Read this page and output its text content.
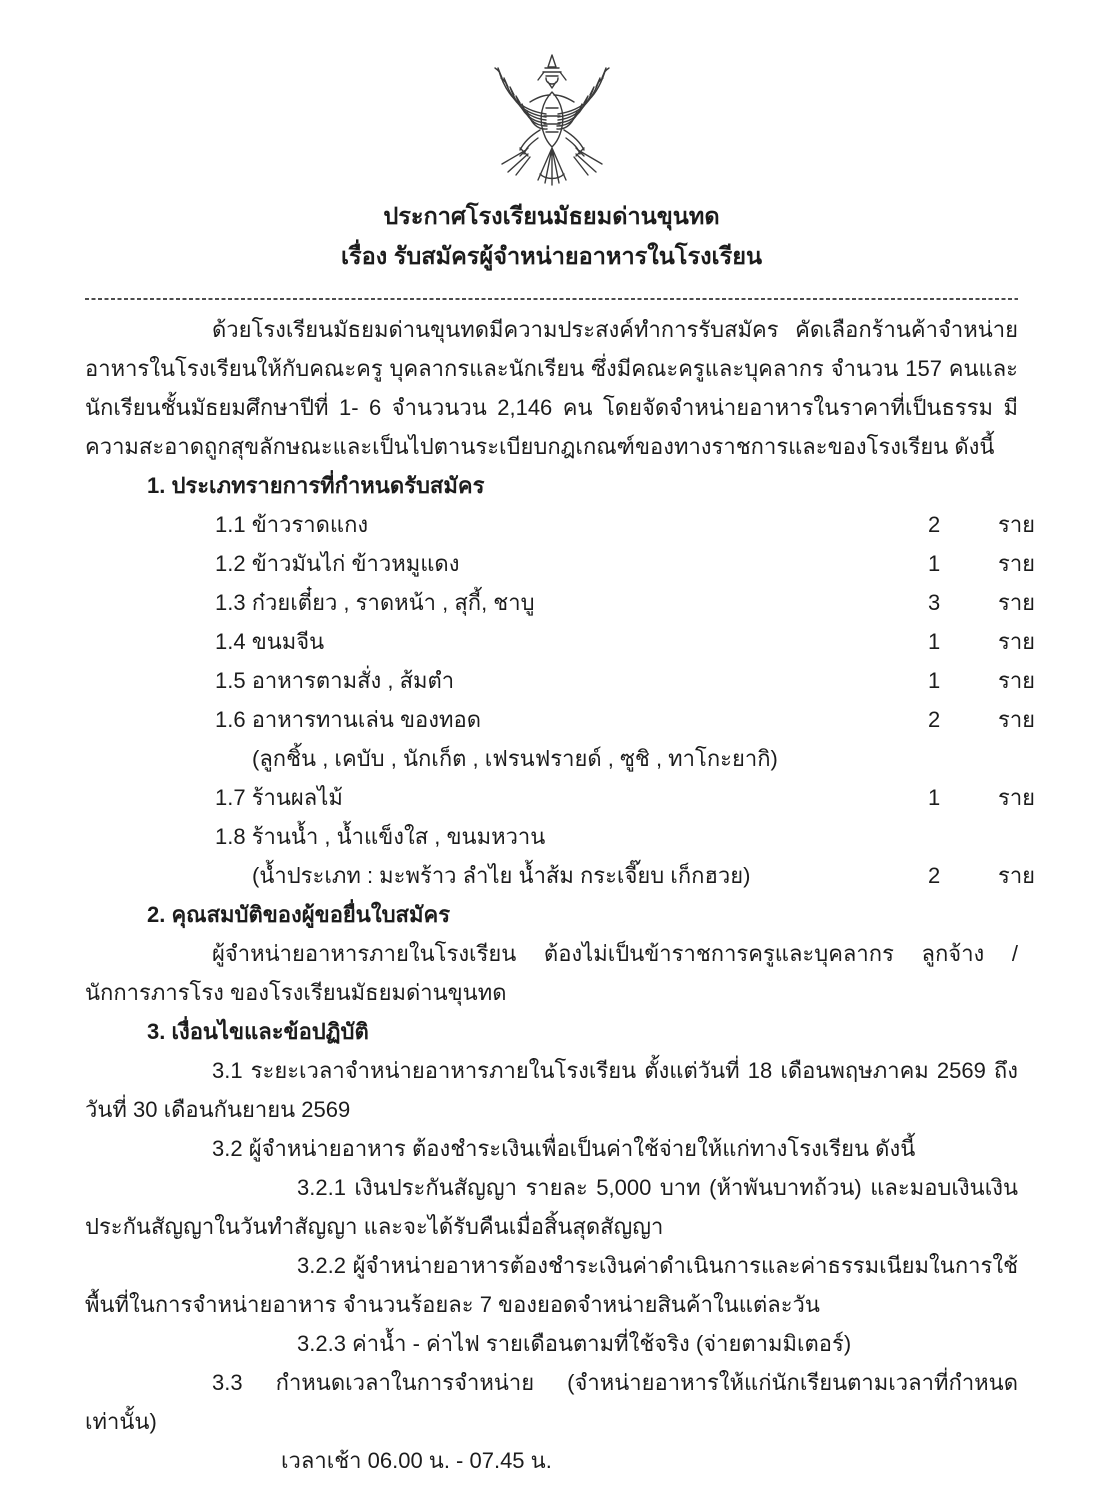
ประกาศโรงเรียนมัธยมด่านขุนทด
เรื่อง รับสมัครผู้จำหน่ายอาหารในโรงเรียน

ด้วยโรงเรียนมัธยมด่านขุนทดมีความประสงค์ทำการรับสมัคร คัดเลือกร้านค้าจำหน่ายอาหารในโรงเรียนให้กับคณะครู บุคลากรและนักเรียน ซึ่งมีคณะครูและบุคลากร จำนวน 157 คนและนักเรียนชั้นมัธยมศึกษาปีที่ 1- 6 จำนวนวน 2,146 คน โดยจัดจำหน่ายอาหารในราคาที่เป็นธรรม มีความสะอาดถูกสุขลักษณะและเป็นไปตานระเบียบกฎเกณฑ์ของทางราชการและของโรงเรียน ดังนี้

1. ประเภทรายการที่กำหนดรับสมัคร

1.1 ข้าวราดแกง	2	ราย
1.2 ข้าวมันไก่ ข้าวหมูแดง	1	ราย
1.3 ก๋วยเตี๋ยว , ราดหน้า , สุกี้, ชาบู	3	ราย
1.4 ขนมจีน	1	ราย
1.5 อาหารตามสั่ง , ส้มตำ	1	ราย
1.6 อาหารทานเล่น ของทอด	2	ราย
(ลูกชิ้น , เคบับ , นักเก็ต , เฟรนฟรายด์ , ซูชิ , ทาโกะยากิ)
1.7 ร้านผลไม้	1	ราย
1.8 ร้านน้ำ , น้ำแข็งใส , ขนมหวาน
(น้ำประเภท : มะพร้าว ลำไย น้ำส้ม กระเจี๊ยบ เก็กฮวย)	2	ราย

2. คุณสมบัติของผู้ขอยื่นใบสมัคร

ผู้จำหน่ายอาหารภายในโรงเรียน ต้องไม่เป็นข้าราชการครูและบุคลากร ลูกจ้าง / นักการภารโรง ของโรงเรียนมัธยมด่านขุนทด

3. เงื่อนไขและข้อปฏิบัติ

3.1 ระยะเวลาจำหน่ายอาหารภายในโรงเรียน ตั้งแต่วันที่ 18 เดือนพฤษภาคม 2569 ถึง วันที่ 30 เดือนกันยายน 2569

3.2 ผู้จำหน่ายอาหาร ต้องชำระเงินเพื่อเป็นค่าใช้จ่ายให้แก่ทางโรงเรียน ดังนี้

3.2.1 เงินประกันสัญญา รายละ 5,000 บาท (ห้าพันบาทถ้วน) และมอบเงินเงินประกันสัญญาในวันทำสัญญา และจะได้รับคืนเมื่อสิ้นสุดสัญญา

3.2.2 ผู้จำหน่ายอาหารต้องชำระเงินค่าดำเนินการและค่าธรรมเนียมในการใช้พื้นที่ในการจำหน่ายอาหาร จำนวนร้อยละ 7 ของยอดจำหน่ายสินค้าในแต่ละวัน

3.2.3 ค่าน้ำ - ค่าไฟ รายเดือนตามที่ใช้จริง (จ่ายตามมิเตอร์)

3.3 กำหนดเวลาในการจำหน่าย (จำหน่ายอาหารให้แก่นักเรียนตามเวลาที่กำหนดเท่านั้น)

เวลาเช้า 06.00 น. - 07.45 น.
